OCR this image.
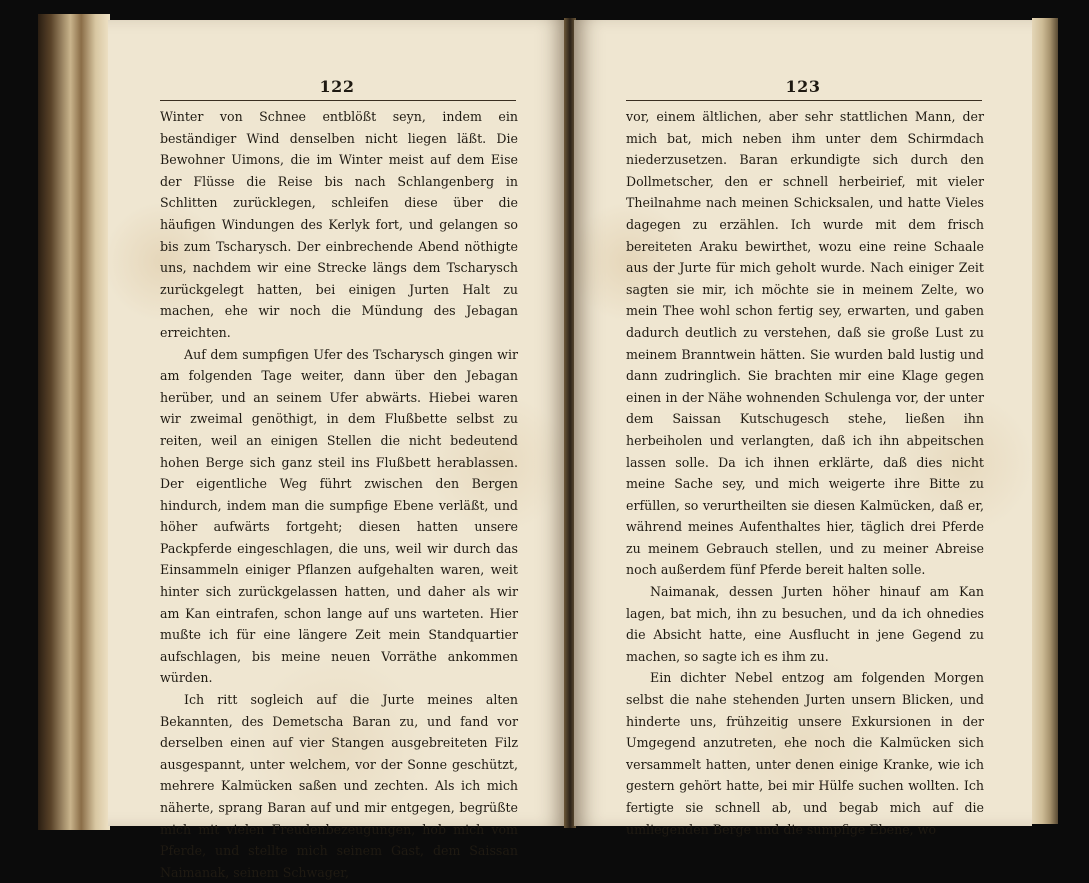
122

Winter von Schnee entblößt seyn, indem ein beständiger Wind denselben nicht liegen läßt. Die Bewohner Uimons, die im Winter meist auf dem Eise der Flüsse die Reise bis nach Schlangenberg in Schlitten zurücklegen, schleifen diese über die häufigen Windungen des Kerlyk fort, und gelangen so bis zum Tscharysch. Der einbrechende Abend nöthigte uns, nachdem wir eine Strecke längs dem Tscharysch zurückgelegt hatten, bei einigen Jurten Halt zu machen, ehe wir noch die Mündung des Jebagan erreichten.

Auf dem sumpfigen Ufer des Tscharysch gingen wir am folgenden Tage weiter, dann über den Jebagan herüber, und an seinem Ufer abwärts. Hiebei waren wir zweimal genöthigt, in dem Flußbette selbst zu reiten, weil an einigen Stellen die nicht bedeutend hohen Berge sich ganz steil ins Flußbett herablassen. Der eigentliche Weg führt zwischen den Bergen hindurch, indem man die sumpfige Ebene verläßt, und höher aufwärts fortgeht; diesen hatten unsere Packpferde eingeschlagen, die uns, weil wir durch das Einsammeln einiger Pflanzen aufgehalten waren, weit hinter sich zurückgelassen hatten, und daher als wir am Kan eintrafen, schon lange auf uns warteten. Hier mußte ich für eine längere Zeit mein Standquartier aufschlagen, bis meine neuen Vorräthe ankommen würden.

Ich ritt sogleich auf die Jurte meines alten Bekannten, des Demetscha Baran zu, und fand vor derselben einen auf vier Stangen ausgebreiteten Filz ausgespannt, unter welchem, vor der Sonne geschützt, mehrere Kalmücken saßen und zechten. Als ich mich näherte, sprang Baran auf und mir entgegen, begrüßte mich mit vielen Freudenbezeugungen, hob mich vom Pferde, und stellte mich seinem Gast, dem Saissan Naimanak, seinem Schwager,

123

vor, einem ältlichen, aber sehr stattlichen Mann, der mich bat, mich neben ihm unter dem Schirmdach niederzusetzen. Baran erkundigte sich durch den Dollmetscher, den er schnell herbeirief, mit vieler Theilnahme nach meinen Schicksalen, und hatte Vieles dagegen zu erzählen. Ich wurde mit dem frisch bereiteten Araku bewirthet, wozu eine reine Schaale aus der Jurte für mich geholt wurde. Nach einiger Zeit sagten sie mir, ich möchte sie in meinem Zelte, wo mein Thee wohl schon fertig sey, erwarten, und gaben dadurch deutlich zu verstehen, daß sie große Lust zu meinem Branntwein hätten. Sie wurden bald lustig und dann zudringlich. Sie brachten mir eine Klage gegen einen in der Nähe wohnenden Schulenga vor, der unter dem Saissan Kutschugesch stehe, ließen ihn herbeiholen und verlangten, daß ich ihn abpeitschen lassen solle. Da ich ihnen erklärte, daß dies nicht meine Sache sey, und mich weigerte ihre Bitte zu erfüllen, so verurtheilten sie diesen Kalmücken, daß er, während meines Aufenthaltes hier, täglich drei Pferde zu meinem Gebrauch stellen, und zu meiner Abreise noch außerdem fünf Pferde bereit halten solle.

Naimanak, dessen Jurten höher hinauf am Kan lagen, bat mich, ihn zu besuchen, und da ich ohnedies die Absicht hatte, eine Ausflucht in jene Gegend zu machen, so sagte ich es ihm zu.

Ein dichter Nebel entzog am folgenden Morgen selbst die nahe stehenden Jurten unsern Blicken, und hinderte uns, frühzeitig unsere Exkursionen in der Umgegend anzutreten, ehe noch die Kalmücken sich versammelt hatten, unter denen einige Kranke, wie ich gestern gehört hatte, bei mir Hülfe suchen wollten. Ich fertigte sie schnell ab, und begab mich auf die umliegenden Berge und die sumpfige Ebene, wo
